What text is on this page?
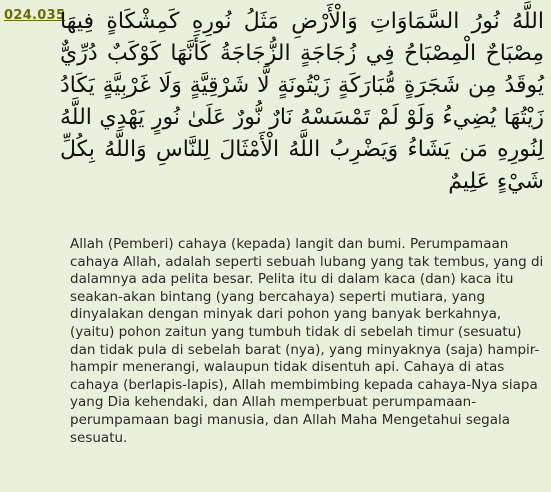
024.035
اللَّهُ نُورُ السَّمَاوَاتِ وَالْأَرْضِ مَثَلُ نُورِهِ كَمِشْكَاةٍ فِيهَا مِصْبَاحٌ الْمِصْبَاحُ فِي زُجَاجَةٍ الزُّجَاجَةُ كَأَنَّهَا كَوْكَبٌ دُرِّيٌّ يُوقَدُ مِن شَجَرَةٍ مُّبَارَكَةٍ زَيْتُونَةٍ لَّا شَرْقِيَّةٍ وَلَا غَرْبِيَّةٍ يَكَادُ زَيْتُهَا يُضِيءُ وَلَوْ لَمْ تَمْسَسْهُ نَارٌ نُّورٌ عَلَىٰ نُورٍ يَهْدِي اللَّهُ لِنُورِهِ مَن يَشَاءُ وَيَضْرِبُ اللَّهُ الْأَمْثَالَ لِلنَّاسِ وَاللَّهُ بِكُلِّ شَيْءٍ عَلِيمٌ
Allah (Pemberi) cahaya (kepada) langit dan bumi. Perumpamaan cahaya Allah, adalah seperti sebuah lubang yang tak tembus, yang di dalamnya ada pelita besar. Pelita itu di dalam kaca (dan) kaca itu seakan-akan bintang (yang bercahaya) seperti mutiara, yang dinyalakan dengan minyak dari pohon yang banyak berkahnya, (yaitu) pohon zaitun yang tumbuh tidak di sebelah timur (sesuatu) dan tidak pula di sebelah barat (nya), yang minyaknya (saja) hampir-hampir menerangi, walaupun tidak disentuh api. Cahaya di atas cahaya (berlapis-lapis), Allah membimbing kepada cahaya-Nya siapa yang Dia kehendaki, dan Allah memperbuat perumpamaan-perumpamaan bagi manusia, dan Allah Maha Mengetahui segala sesuatu.
